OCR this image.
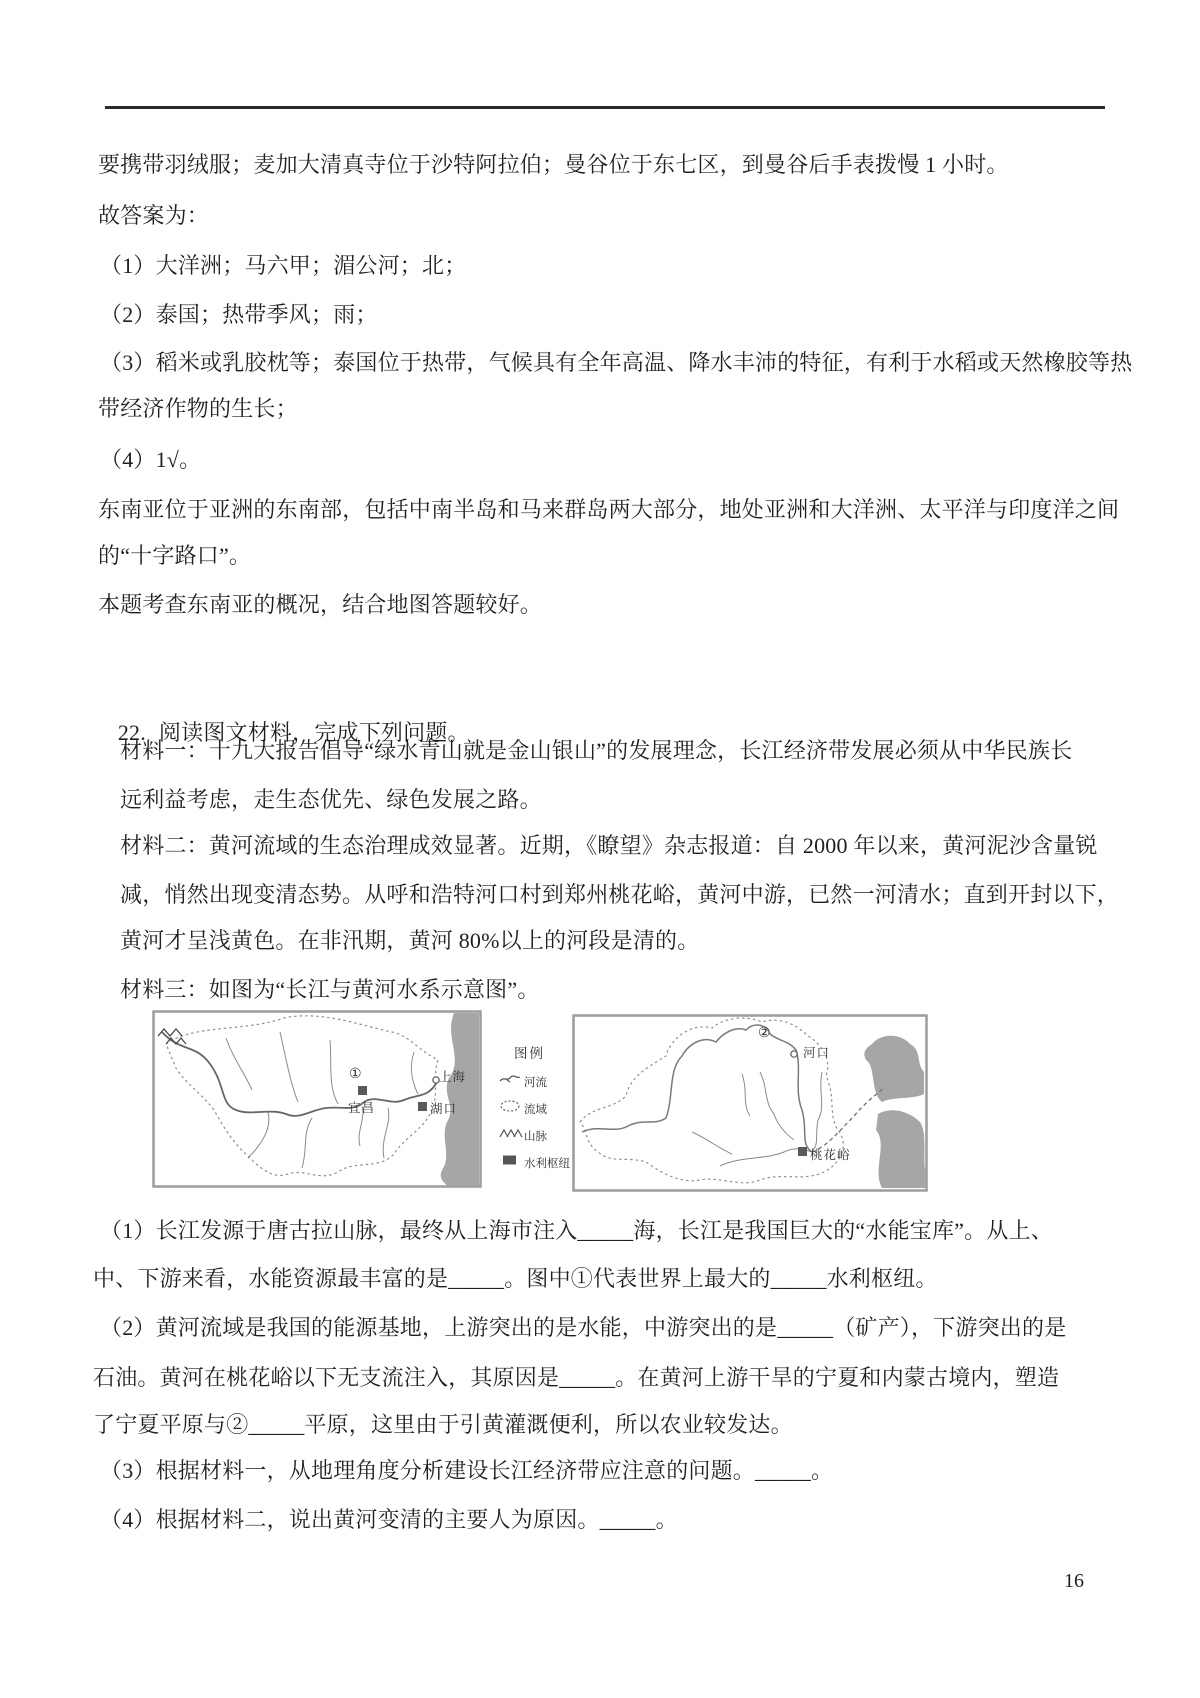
要携带羽绒服；麦加大清真寺位于沙特阿拉伯；曼谷位于东七区，到曼谷后手表拨慢 1 小时。
故答案为：
（1）大洋洲；马六甲；湄公河；北；
（2）泰国；热带季风；雨；
（3）稻米或乳胶枕等；泰国位于热带，气候具有全年高温、降水丰沛的特征，有利于水稻或天然橡胶等热
带经济作物的生长；
（4）1√。
东南亚位于亚洲的东南部，包括中南半岛和马来群岛两大部分，地处亚洲和大洋洲、太平洋与印度洋之间
的“十字路口”。
本题考查东南亚的概况，结合地图答题较好。

22. 阅读图文材料，完成下列问题。

材料一：十九大报告倡导“绿水青山就是金山银山”的发展理念，长江经济带发展必须从中华民族长
远利益考虑，走生态优先、绿色发展之路。
材料二：黄河流域的生态治理成效显著。近期，《瞭望》杂志报道：自 2000 年以来，黄河泥沙含量锐
减，悄然出现变清态势。从呼和浩特河口村到郑州桃花峪，黄河中游，已然一河清水；直到开封以下，
黄河才呈浅黄色。在非汛期，黄河 80%以上的河段是清的。
材料三：如图为“长江与黄河水系示意图”。
①
宜昌	湖口
上海
图例
河流
流域
山脉
水利枢纽
②
河口
桃花峪
（1）长江发源于唐古拉山脉，最终从上海市注入_____海，长江是我国巨大的“水能宝库”。从上、
中、下游来看，水能资源最丰富的是_____。图中①代表世界上最大的_____水利枢纽。
（2）黄河流域是我国的能源基地，上游突出的是水能，中游突出的是_____（矿产），下游突出的是
石油。黄河在桃花峪以下无支流注入，其原因是_____。在黄河上游干旱的宁夏和内蒙古境内，塑造
了宁夏平原与②_____平原，这里由于引黄灌溉便利，所以农业较发达。
（3）根据材料一，从地理角度分析建设长江经济带应注意的问题。_____。
（4）根据材料二，说出黄河变清的主要人为原因。_____。
16
